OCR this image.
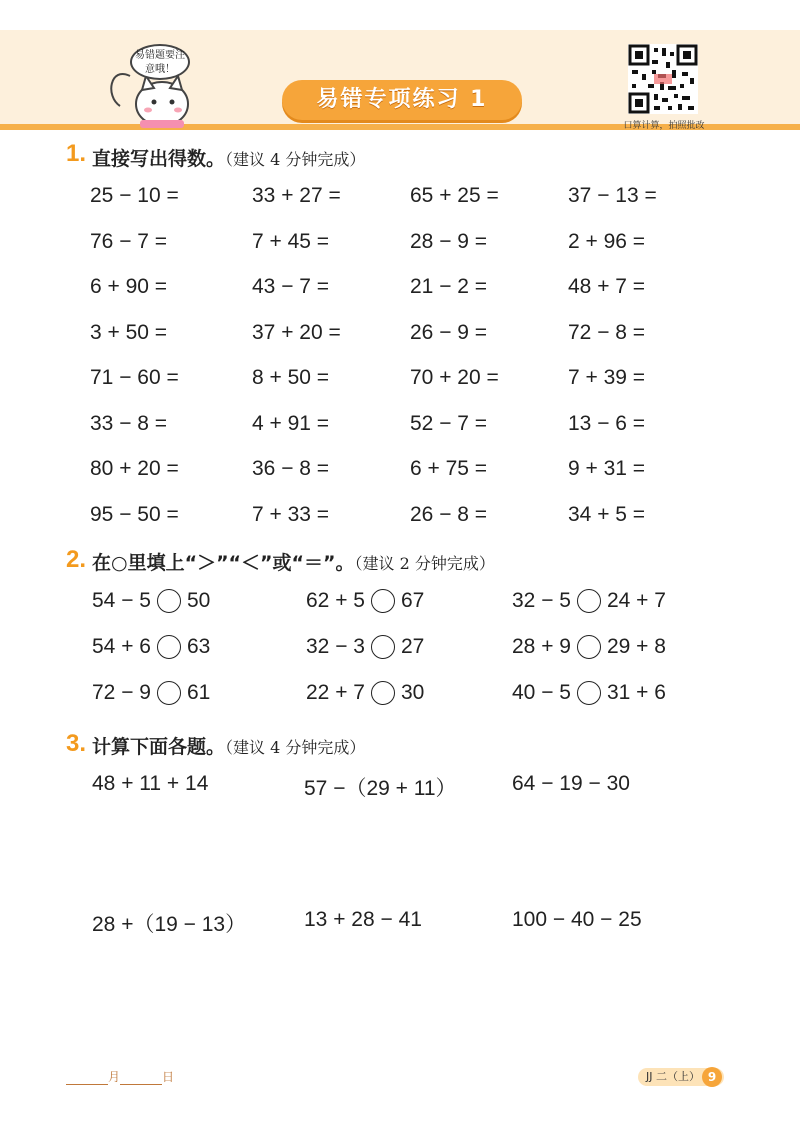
易错题要注意哦！
易错专项练习 1
口算计算，拍照批改
1. 直接写出得数。（建议 4 分钟完成）
25 − 10 =	33 + 27 =	65 + 25 =	37 − 13 =
76 − 7 =	7 + 45 =	28 − 9 =	2 + 96 =
6 + 90 =	43 − 7 =	21 − 2 =	48 + 7 =
3 + 50 =	37 + 20 =	26 − 9 =	72 − 8 =
71 − 60 =	8 + 50 =	70 + 20 =	7 + 39 =
33 − 8 =	4 + 91 =	52 − 7 =	13 − 6 =
80 + 20 =	36 − 8 =	6 + 75 =	9 + 31 =
95 − 50 =	7 + 33 =	26 − 8 =	34 + 5 =
2. 在○里填上“＞”“＜”或“＝”。（建议 2 分钟完成）
54 − 5 50	62 + 5 67	32 − 5 24 + 7
54 + 6 63	32 − 3 27	28 + 9 29 + 8
72 − 9 61	22 + 7 30	40 − 5 31 + 6
3. 计算下面各题。（建议 4 分钟完成）
48 + 11 + 14	57 −（29 + 11）	64 − 19 − 30
28 +（19 − 13）	13 + 28 − 41	100 − 40 − 25
月	日	JJ 二（上） 9
